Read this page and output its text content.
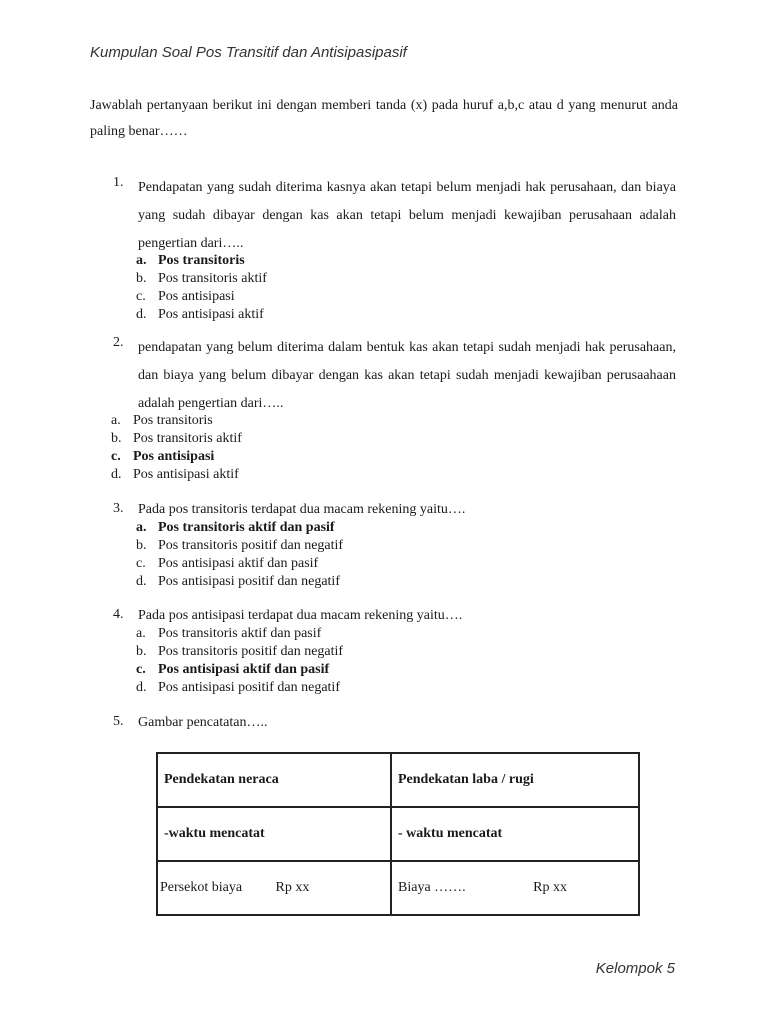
Kumpulan Soal Pos Transitif dan Antisipasipasif
Jawablah pertanyaan berikut ini dengan memberi tanda (x) pada huruf a,b,c atau d yang menurut anda paling benar……
1. Pendapatan yang sudah diterima kasnya akan tetapi belum menjadi hak perusahaan, dan biaya yang sudah dibayar dengan kas akan tetapi belum menjadi kewajiban perusahaan adalah pengertian dari…..
a. Pos transitoris
b. Pos transitoris aktif
c. Pos antisipasi
d. Pos antisipasi aktif
2. pendapatan yang belum diterima dalam bentuk kas akan tetapi sudah menjadi hak perusahaan, dan biaya yang belum dibayar dengan kas akan tetapi sudah menjadi kewajiban perusaahaan adalah pengertian dari…..
a. Pos transitoris
b. Pos transitoris aktif
c. Pos antisipasi
d. Pos antisipasi aktif
3. Pada pos transitoris terdapat dua macam rekening yaitu….
a. Pos transitoris aktif dan pasif
b. Pos transitoris positif dan negatif
c. Pos antisipasi aktif dan pasif
d. Pos antisipasi positif dan negatif
4. Pada pos antisipasi terdapat dua macam rekening yaitu….
a. Pos transitoris aktif dan pasif
b. Pos transitoris positif dan negatif
c. Pos antisipasi aktif dan pasif
d. Pos antisipasi positif dan negatif
5. Gambar pencatatan…..
Pendekatan neraca	Pendekatan laba / rugi
-waktu mencatat	- waktu mencatat
Persekot biaya Rp xx	Biaya ……. Rp xx
Kelompok 5
